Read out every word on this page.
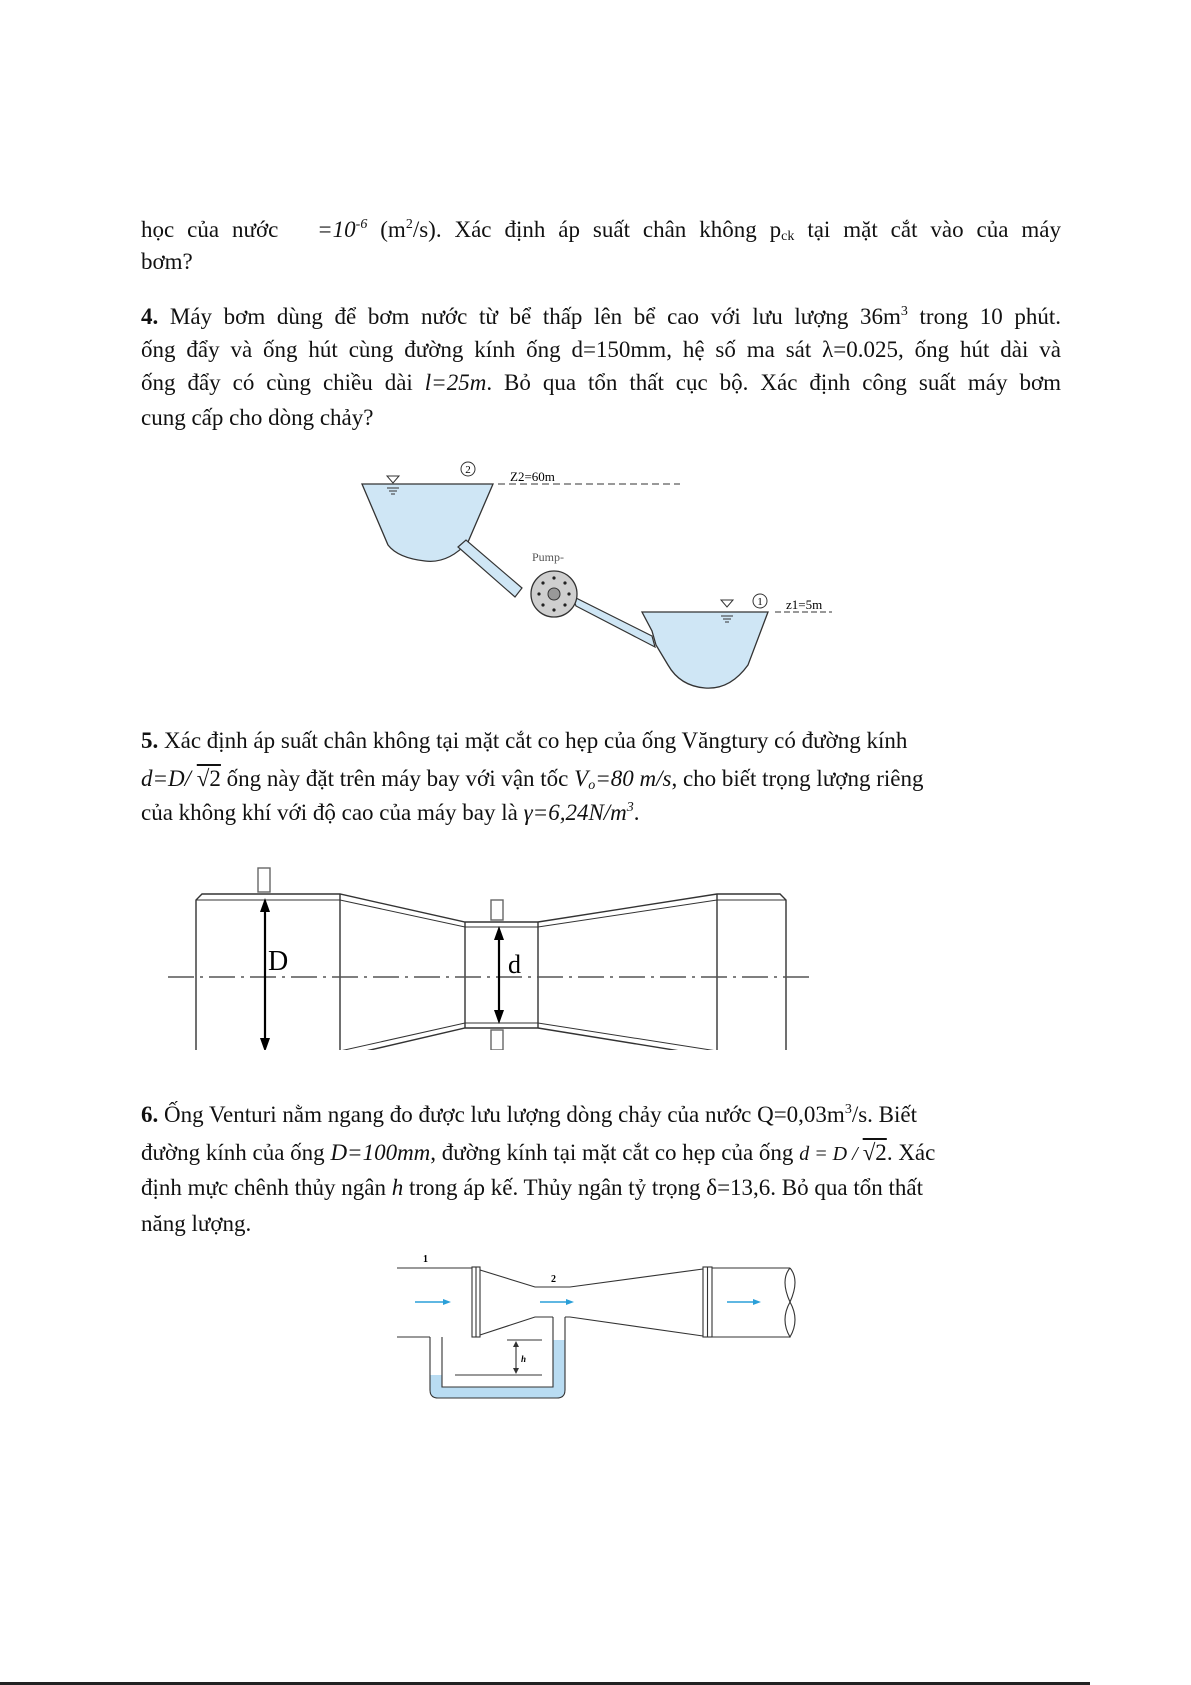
học của nước $=10^{-6}$ $(m^2/s)$. Xác định áp suất chân không $p_{ck}$ tại mặt cắt vào của máy
bơm?
4. Máy bơm dùng để bơm nước từ bể thấp lên bể cao với lưu lượng $36m^3$ trong 10 phút.
ống đẩy và ống hút cùng đường kính ống d=150mm, hệ số ma sát λ=0.025, ống hút dài và
ống đẩy có cùng chiều dài l=25m. Bỏ qua tổn thất cục bộ. Xác định công suất máy bơm
cung cấp cho dòng chảy?
2
1
Z2=60m
z1=5m
Pump-
5. Xác định áp suất chân không tại mặt cắt co hẹp của ống Văngtury có đường kính
d=D/ √2 ống này đặt trên máy bay với vận tốc $V_o=80$ m/s, cho biết trọng lượng riêng
của không khí với độ cao của máy bay là $\gamma=6,24N/m^3$.
D	d
6. Ống Venturi nằm ngang đo được lưu lượng dòng chảy của nước $Q=0,03m^3/s$. Biết
đường kính của ống D=100mm, đường kính tại mặt cắt co hẹp của ống d = D / √2. Xác
định mực chênh thủy ngân h trong áp kế. Thủy ngân tỷ trọng δ=13,6. Bỏ qua tổn thất
năng lượng.
1
2
h
